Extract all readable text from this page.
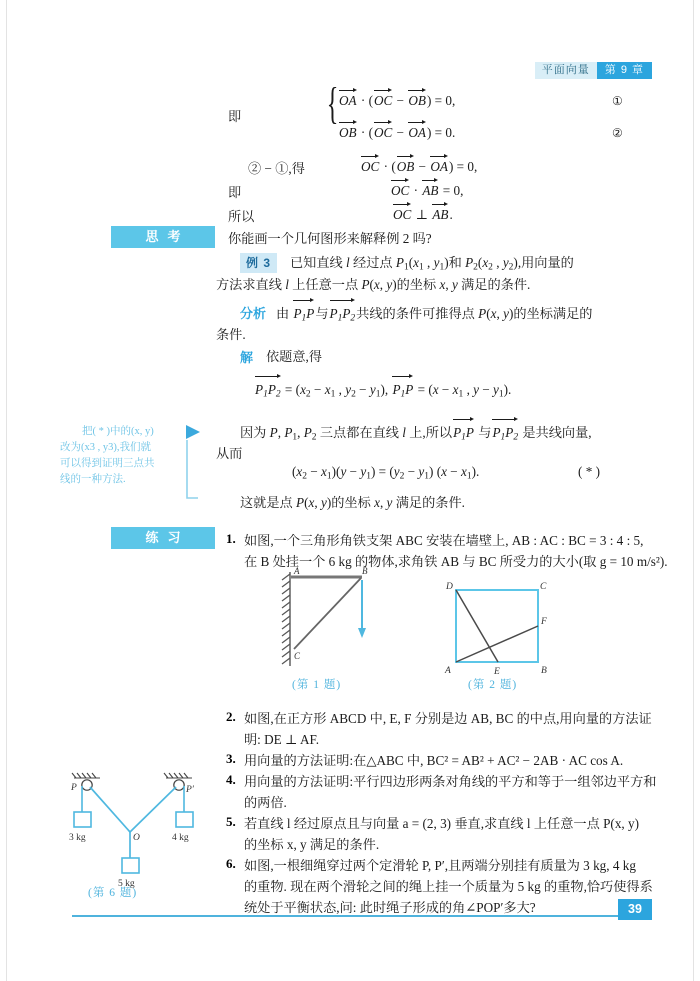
平面向量	第 9 章
即 { OA · (OC − OB) = 0,	①
OB · (OC − OA) = 0.	②
② − ①,得	OC · (OB − OA) = 0,
即	OC · AB = 0,
所以	OC ⊥ AB.
思考	你能画一个几何图形来解释例 2 吗?
例 3	已知直线 l 经过点 $P_1(x_1$ , $y_1$)和 $P_2(x_2$ , $y_2$),用向量的
方法求直线 l 上任意一点 P(x, y)的坐标 x, y 满足的条件.
分析 由 $P_1P$与$P_1P_2$共线的条件可推得点 P(x, y)的坐标满足的
条件.
解 依题意,得
$P_1P_2 = (x_2 - x_1$ , $y_2 - y_1$), $P_1P = (x - x_1$ , $y - y_1$).
因为 P, $P_1$, $P_2$ 三点都在直线 l 上,所以$P_1P$ 与$P_1P_2$ 是共线向量,
从而
$(x_2 - x_1)(y - y_1) = (y_2 - y_1) (x - x_1)$.	( * )
这就是点 P(x, y)的坐标 x, y 满足的条件.
把( * )中的(x, y)
改为(x3 , y3),我们就
可以得到证明三点共
线的一种方法.
练习	1. 如图,一个三角形角铁支架 ABC 安装在墙壁上, AB : AC : BC = 3 : 4 : 5,
在 B 处挂一个 6 kg 的物体,求角铁 AB 与 BC 所受力的大小(取 g = 10 m/s²).
A	B
C
(第 1 题)
D	C
A	B
E
F
(第 2 题)
2. 如图,在正方形 ABCD 中, E, F 分别是边 AB, BC 的中点,用向量的方法证
明: DE ⊥ AF.
3. 用向量的方法证明:在△ABC 中, BC² = AB² + AC² − 2AB · AC cos A.
4. 用向量的方法证明:平行四边形两条对角线的平方和等于一组邻边平方和
的两倍.
5. 若直线 l 经过原点且与向量 a = (2, 3) 垂直,求直线 l 上任意一点 P(x, y)
的坐标 x, y 满足的条件.
6. 如图,一根细绳穿过两个定滑轮 P, P′,且两端分别挂有质量为 3 kg, 4 kg
的重物. 现在两个滑轮之间的绳上挂一个质量为 5 kg 的重物,恰巧使得系
统处于平衡状态,问: 此时绳子形成的角∠POP′多大?
P	P′
O
3 kg	4 kg
5 kg
(第 6 题)
39
